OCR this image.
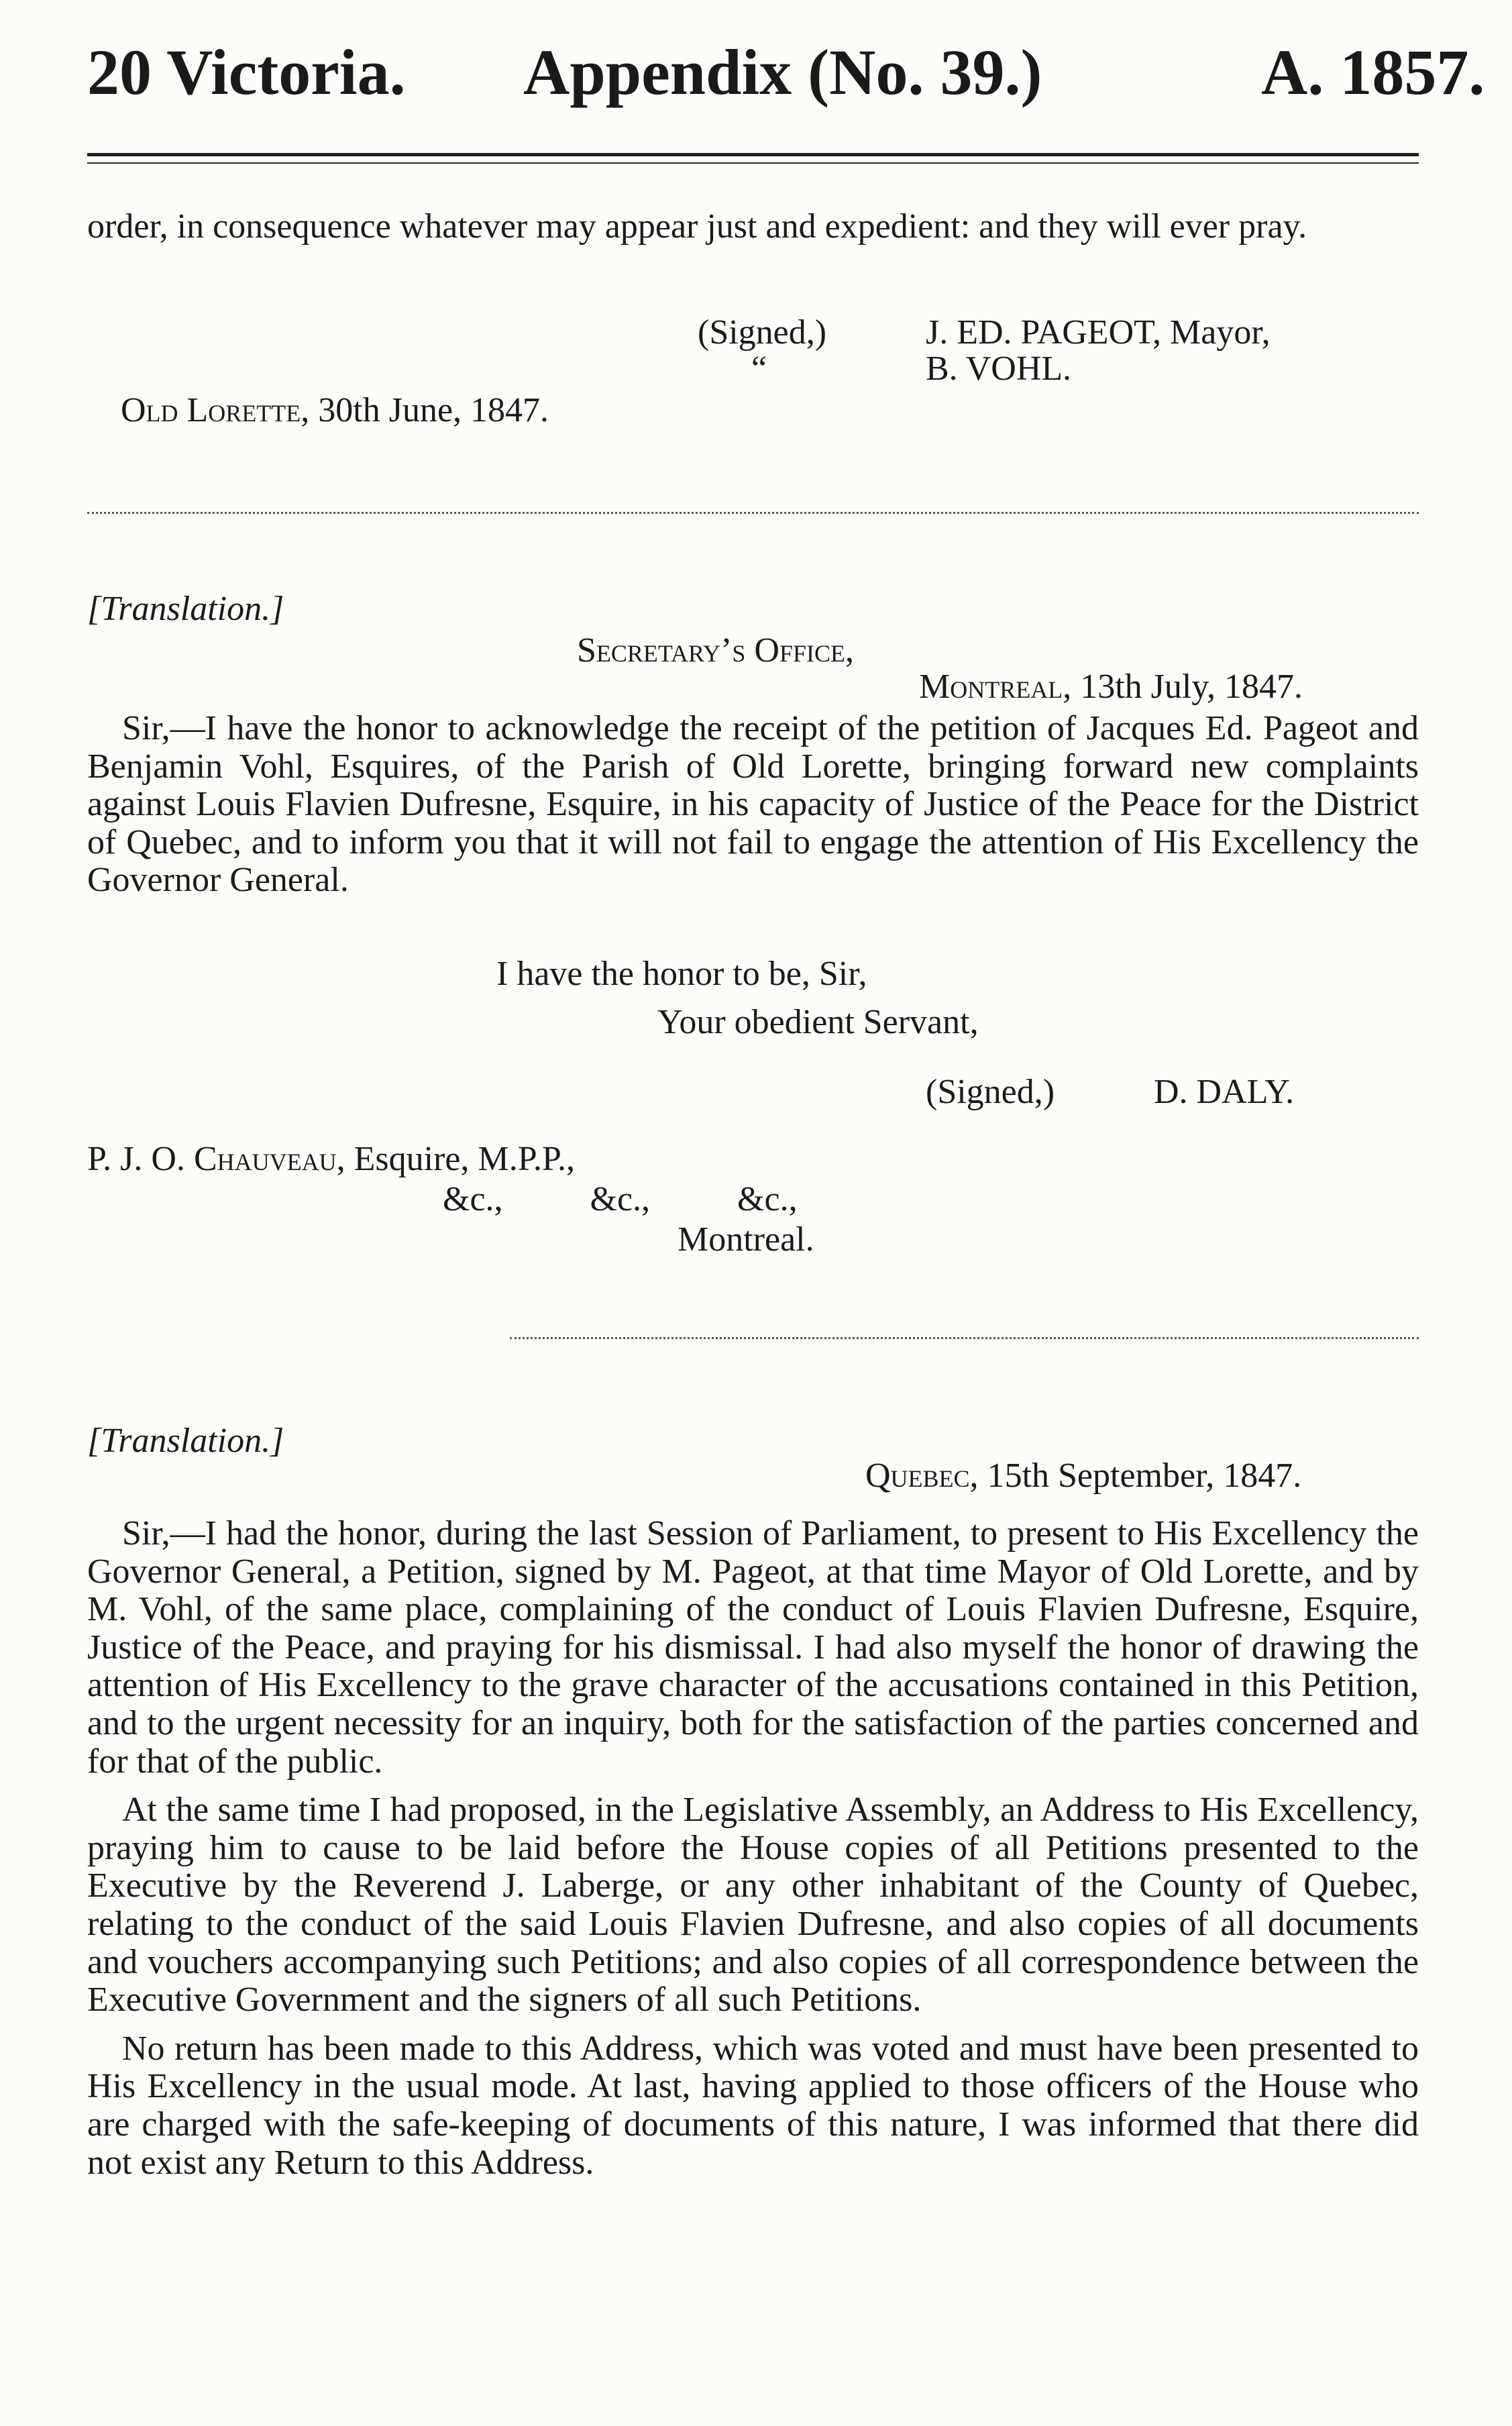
20 Victoria. Appendix (No. 39.)	A. 1857.
order, in consequence whatever may appear just and expedient: and they will ever pray.
(Signed,)
“
J. ED. PAGEOT, Mayor,
B. VOHL.
Old Lorette, 30th June, 1847.
[Translation.]
Secretary’s Office,
Montreal, 13th July, 1847.

Sir,—I have the honor to acknowledge the receipt of the petition of Jacques Ed. Pageot and Benjamin Vohl, Esquires, of the Parish of Old Lorette, bringing forward new complaints against Louis Flavien Dufresne, Esquire, in his capacity of Justice of the Peace for the District of Quebec, and to inform you that it will not fail to engage the attention of His Excellency the Governor General.

I have the honor to be, Sir,
Your obedient Servant,
(Signed,)	D. DALY.
P. J. O. Chauveau, Esquire, M.P.P.,
&c.,          &c.,          &c.,
Montreal.
[Translation.]
Quebec, 15th September, 1847.

Sir,—I had the honor, during the last Session of Parliament, to present to His Excellency the Governor General, a Petition, signed by M. Pageot, at that time Mayor of Old Lorette, and by M. Vohl, of the same place, complaining of the conduct of Louis Flavien Dufresne, Esquire, Justice of the Peace, and praying for his dismissal. I had also myself the honor of drawing the attention of His Excellency to the grave character of the accusations contained in this Petition, and to the urgent necessity for an inquiry, both for the satisfaction of the parties concerned and for that of the public.

At the same time I had proposed, in the Legislative Assembly, an Address to His Excellency, praying him to cause to be laid before the House copies of all Petitions presented to the Executive by the Reverend J. Laberge, or any other inhabitant of the County of Quebec, relating to the conduct of the said Louis Flavien Dufresne, and also copies of all documents and vouchers accompanying such Petitions; and also copies of all correspondence between the Executive Government and the signers of all such Petitions.

No return has been made to this Address, which was voted and must have been presented to His Excellency in the usual mode. At last, having applied to those officers of the House who are charged with the safe-keeping of documents of this nature, I was informed that there did not exist any Return to this Address.
